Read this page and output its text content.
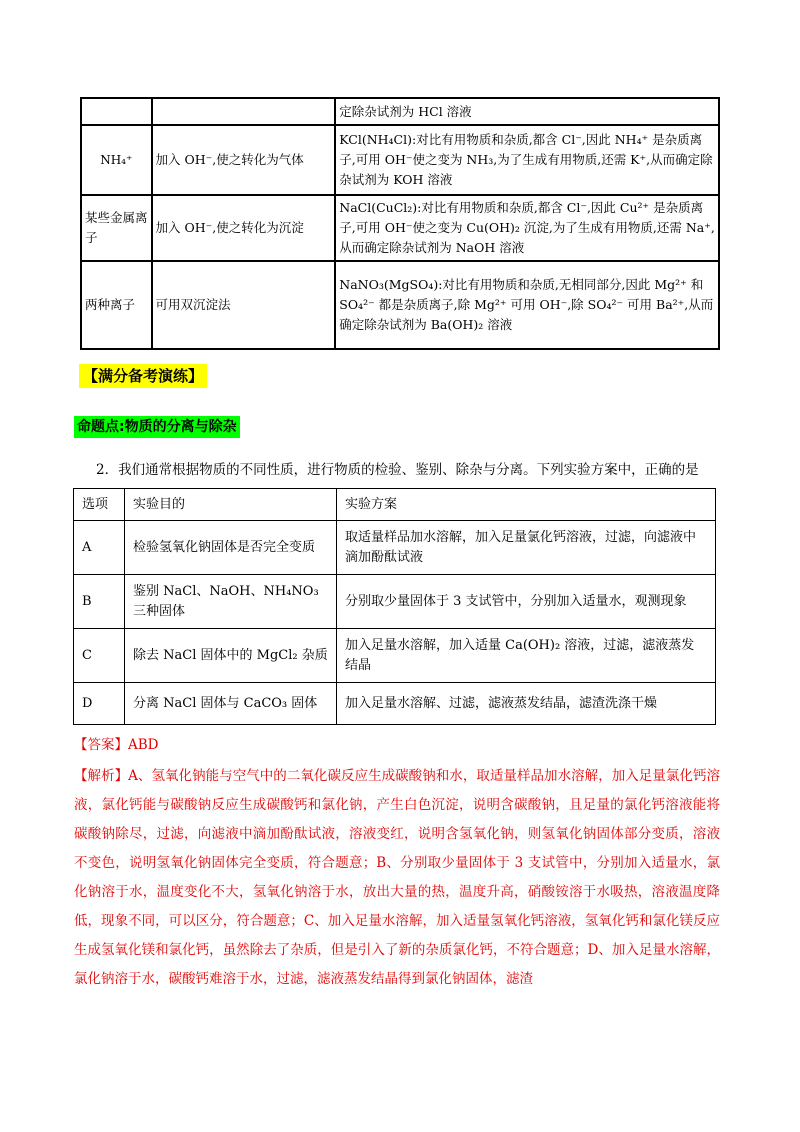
		定除杂试剂为 HCl 溶液
NH₄⁺	加入 OH⁻,使之转化为气体	KCl(NH₄Cl):对比有用物质和杂质,都含 Cl⁻,因此 NH₄⁺ 是杂质离子,可用 OH⁻使之变为 NH₃,为了生成有用物质,还需 K⁺,从而确定除杂试剂为 KOH 溶液
某些金属离子	加入 OH⁻,使之转化为沉淀	NaCl(CuCl₂):对比有用物质和杂质,都含 Cl⁻,因此 Cu²⁺ 是杂质离子,可用 OH⁻使之变为 Cu(OH)₂ 沉淀,为了生成有用物质,还需 Na⁺,从而确定除杂试剂为 NaOH 溶液
两种离子	可用双沉淀法	NaNO₃(MgSO₄):对比有用物质和杂质,无相同部分,因此 Mg²⁺ 和 SO₄²⁻ 都是杂质离子,除 Mg²⁺ 可用 OH⁻,除 SO₄²⁻ 可用 Ba²⁺,从而确定除杂试剂为 Ba(OH)₂ 溶液
【满分备考演练】
命题点:物质的分离与除杂
2．我们通常根据物质的不同性质，进行物质的检验、鉴别、除杂与分离。下列实验方案中，正确的是
选项	实验目的	实验方案
A	检验氢氧化钠固体是否完全变质	取适量样品加水溶解，加入足量氯化钙溶液，过滤，向滤液中滴加酚酞试液
B	鉴别 NaCl、NaOH、NH₄NO₃ 三种固体	分别取少量固体于 3 支试管中，分别加入适量水，观测现象
C	除去 NaCl 固体中的 MgCl₂ 杂质	加入足量水溶解，加入适量 Ca(OH)₂ 溶液，过滤，滤液蒸发结晶
D	分离 NaCl 固体与 CaCO₃ 固体	加入足量水溶解、过滤，滤液蒸发结晶，滤渣洗涤干燥
【答案】ABD
【解析】A、氢氧化钠能与空气中的二氧化碳反应生成碳酸钠和水，取适量样品加水溶解，加入足量氯化钙溶液，氯化钙能与碳酸钠反应生成碳酸钙和氯化钠，产生白色沉淀，说明含碳酸钠，且足量的氯化钙溶液能将碳酸钠除尽，过滤，向滤液中滴加酚酞试液，溶液变红，说明含氢氧化钠，则氢氧化钠固体部分变质，溶液不变色，说明氢氧化钠固体完全变质，符合题意；B、分别取少量固体于 3 支试管中，分别加入适量水，氯化钠溶于水，温度变化不大，氢氧化钠溶于水，放出大量的热，温度升高，硝酸铵溶于水吸热，溶液温度降低，现象不同，可以区分，符合题意；C、加入足量水溶解，加入适量氢氧化钙溶液，氢氧化钙和氯化镁反应生成氢氧化镁和氯化钙，虽然除去了杂质，但是引入了新的杂质氯化钙，不符合题意；D、加入足量水溶解，氯化钠溶于水，碳酸钙难溶于水，过滤，滤液蒸发结晶得到氯化钠固体，滤渣
